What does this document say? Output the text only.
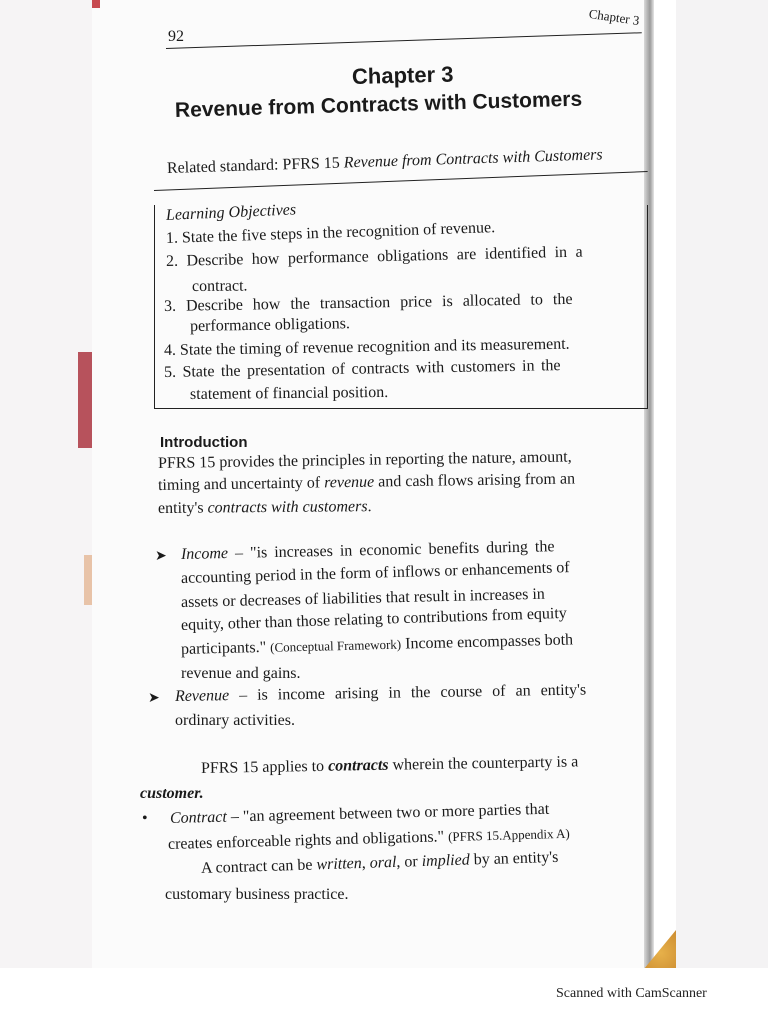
92
Chapter 3
Chapter 3
Revenue from Contracts with Customers
Related standard: PFRS 15 Revenue from Contracts with Customers
Learning Objectives
1. State the five steps in the recognition of revenue.
2. Describe how performance obligations are identified in a
contract.
3. Describe how the transaction price is allocated to the
performance obligations.
4. State the timing of revenue recognition and its measurement.
5. State the presentation of contracts with customers in the
statement of financial position.
Introduction
PFRS 15 provides the principles in reporting the nature, amount,
timing and uncertainty of revenue and cash flows arising from an
entity's contracts with customers.
➤ Income – "is increases in economic benefits during the
accounting period in the form of inflows or enhancements of
assets or decreases of liabilities that result in increases in
equity, other than those relating to contributions from equity
participants." (Conceptual Framework) Income encompasses both
revenue and gains.
➤ Revenue – is income arising in the course of an entity's
ordinary activities.
PFRS 15 applies to contracts wherein the counterparty is a
customer.
• Contract – "an agreement between two or more parties that
creates enforceable rights and obligations." (PFRS 15.Appendix A)
A contract can be written, oral, or implied by an entity's
customary business practice.
Scanned with CamScanner
